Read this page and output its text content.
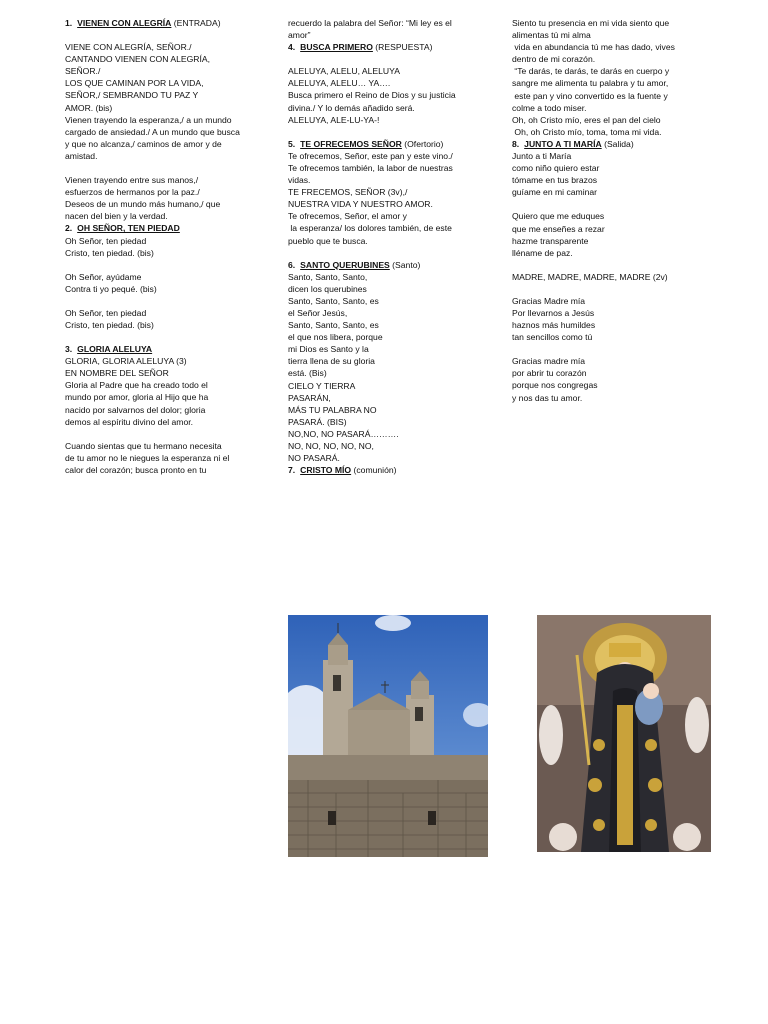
1. VIENEN CON ALEGRÍA (ENTRADA)

VIENE CON ALEGRÍA, SEÑOR./

CANTANDO VIENEN CON ALEGRÍA,

SEÑOR./

LOS QUE CAMINAN POR LA VIDA,

SEÑOR,/ SEMBRANDO TU PAZ Y

AMOR. (bis)

Vienen trayendo la esperanza,/ a un mundo

cargado de ansiedad./ A un mundo que busca

y que no alcanza,/ caminos de amor y de

amistad.

Vienen trayendo entre sus manos,/

esfuerzos de hermanos por la paz./

Deseos de un mundo más humano,/ que

nacen del bien y la verdad.

2. OH SEÑOR, TEN PIEDAD

Oh Señor, ten piedad

Cristo, ten piedad. (bis)

Oh Señor, ayúdame

Contra ti yo pequé. (bis)

Oh Señor, ten piedad

Cristo, ten piedad. (bis)

3. GLORIA ALELUYA

GLORIA, GLORIA ALELUYA (3)

EN NOMBRE DEL SEÑOR

Gloria al Padre que ha creado todo el

mundo por amor, gloria al Hijo que ha

nacido por salvarnos del dolor; gloria

demos al espíritu divino del amor.

Cuando sientas que tu hermano necesita

de tu amor no le niegues la esperanza ni el

calor del corazón; busca pronto en tu

recuerdo la palabra del Señor: “Mi ley es el

amor”

4. BUSCA PRIMERO (RESPUESTA)

ALELUYA, ALELU, ALELUYA

ALELUYA, ALELU… YA….

Busca primero el Reino de Dios y su justicia

divina./ Y lo demás añadido será.

ALELUYA, ALE-LU-YA-!

5. TE OFRECEMOS SEÑOR (Ofertorio)

Te ofrecemos, Señor, este pan y este vino./

Te ofrecemos también, la labor de nuestras

vidas.

TE FRECEMOS, SEÑOR (3v),/

NUESTRA VIDA Y NUESTRO AMOR.

Te ofrecemos, Señor, el amor y

la esperanza/ los dolores también, de este

pueblo que te busca.

6. SANTO QUERUBINES (Santo)

Santo, Santo, Santo,

dicen los querubines

Santo, Santo, Santo, es

el Señor Jesús,

Santo, Santo, Santo, es

el que nos libera, porque

mi Dios es Santo y la

tierra llena de su gloria

está. (Bis)

CIELO Y TIERRA

PASARÁN,

MÁS TU PALABRA NO

PASARÁ. (BIS)

NO,NO, NO PASARÁ……….

NO, NO, NO, NO, NO,

NO PASARÁ.

7. CRISTO MÍO (comunión)

Siento tu presencia en mi vida siento que

alimentas tú mi alma

vida en abundancia tú me has dado, vives

dentro de mi corazón.

“Te darás, te darás, te darás en cuerpo y

sangre me alimenta tu palabra y tu amor,

este pan y vino convertido es la fuente y

colme a todo miser.

Oh, oh Cristo mío, eres el pan del cielo

Oh, oh Cristo mío, toma, toma mi vida.

8. JUNTO A TI MARÍA (Salida)

Junto a ti María

como niño quiero estar

tómame en tus brazos

guíame en mi caminar

Quiero que me eduques

que me enseñes a rezar

hazme transparente

lléname de paz.

MADRE, MADRE, MADRE, MADRE (2v)

Gracias Madre mía

Por llevarnos a Jesús

haznos más humildes

tan sencillos como tú

Gracias madre mía

por abrir tu corazón

porque nos congregas

y nos das tu amor.
